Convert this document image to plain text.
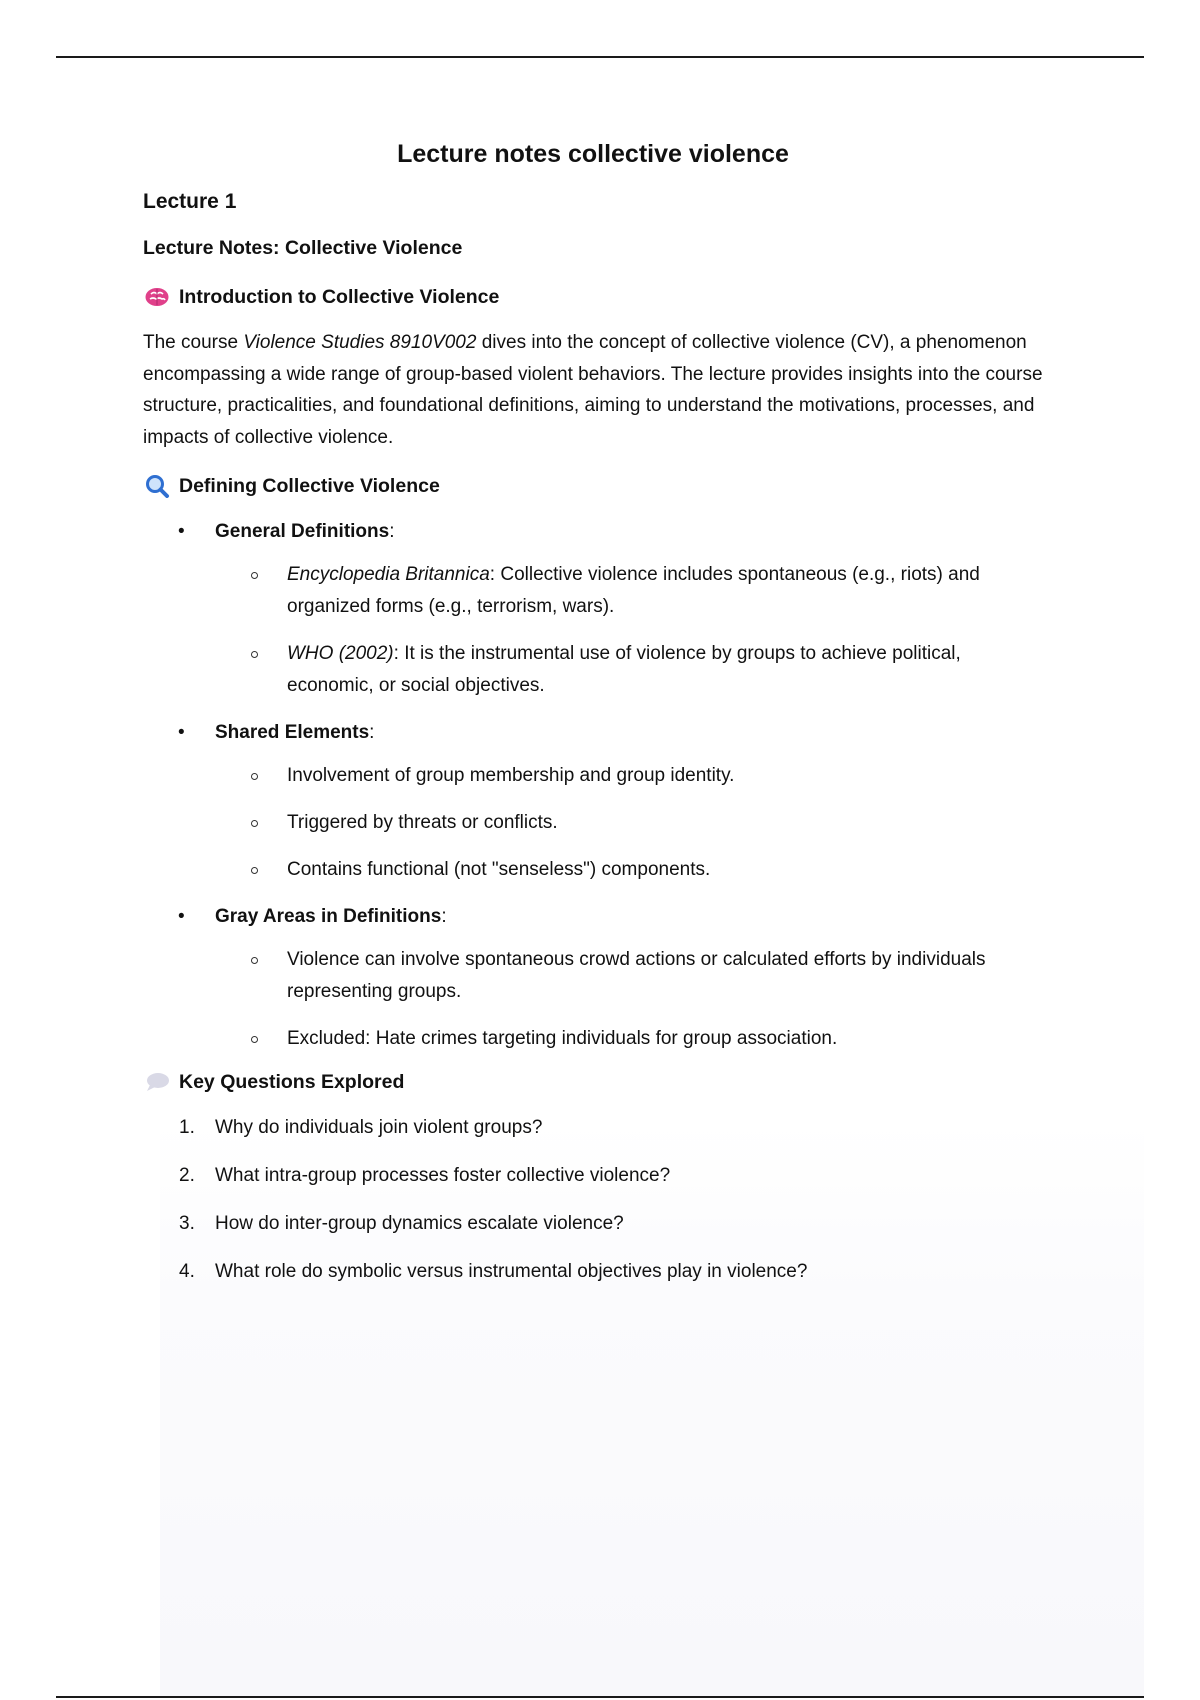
Lecture notes collective violence
Lecture 1
Lecture Notes: Collective Violence
Introduction to Collective Violence
The course Violence Studies 8910V002 dives into the concept of collective violence (CV), a phenomenon encompassing a wide range of group-based violent behaviors. The lecture provides insights into the course structure, practicalities, and foundational definitions, aiming to understand the motivations, processes, and impacts of collective violence.
Defining Collective Violence
• General Definitions:
Encyclopedia Britannica: Collective violence includes spontaneous (e.g., riots) and organized forms (e.g., terrorism, wars).
WHO (2002): It is the instrumental use of violence by groups to achieve political, economic, or social objectives.
• Shared Elements:
Involvement of group membership and group identity.
Triggered by threats or conflicts.
Contains functional (not "senseless") components.
• Gray Areas in Definitions:
Violence can involve spontaneous crowd actions or calculated efforts by individuals representing groups.
Excluded: Hate crimes targeting individuals for group association.
Key Questions Explored
1. Why do individuals join violent groups?
2. What intra-group processes foster collective violence?
3. How do inter-group dynamics escalate violence?
4. What role do symbolic versus instrumental objectives play in violence?
